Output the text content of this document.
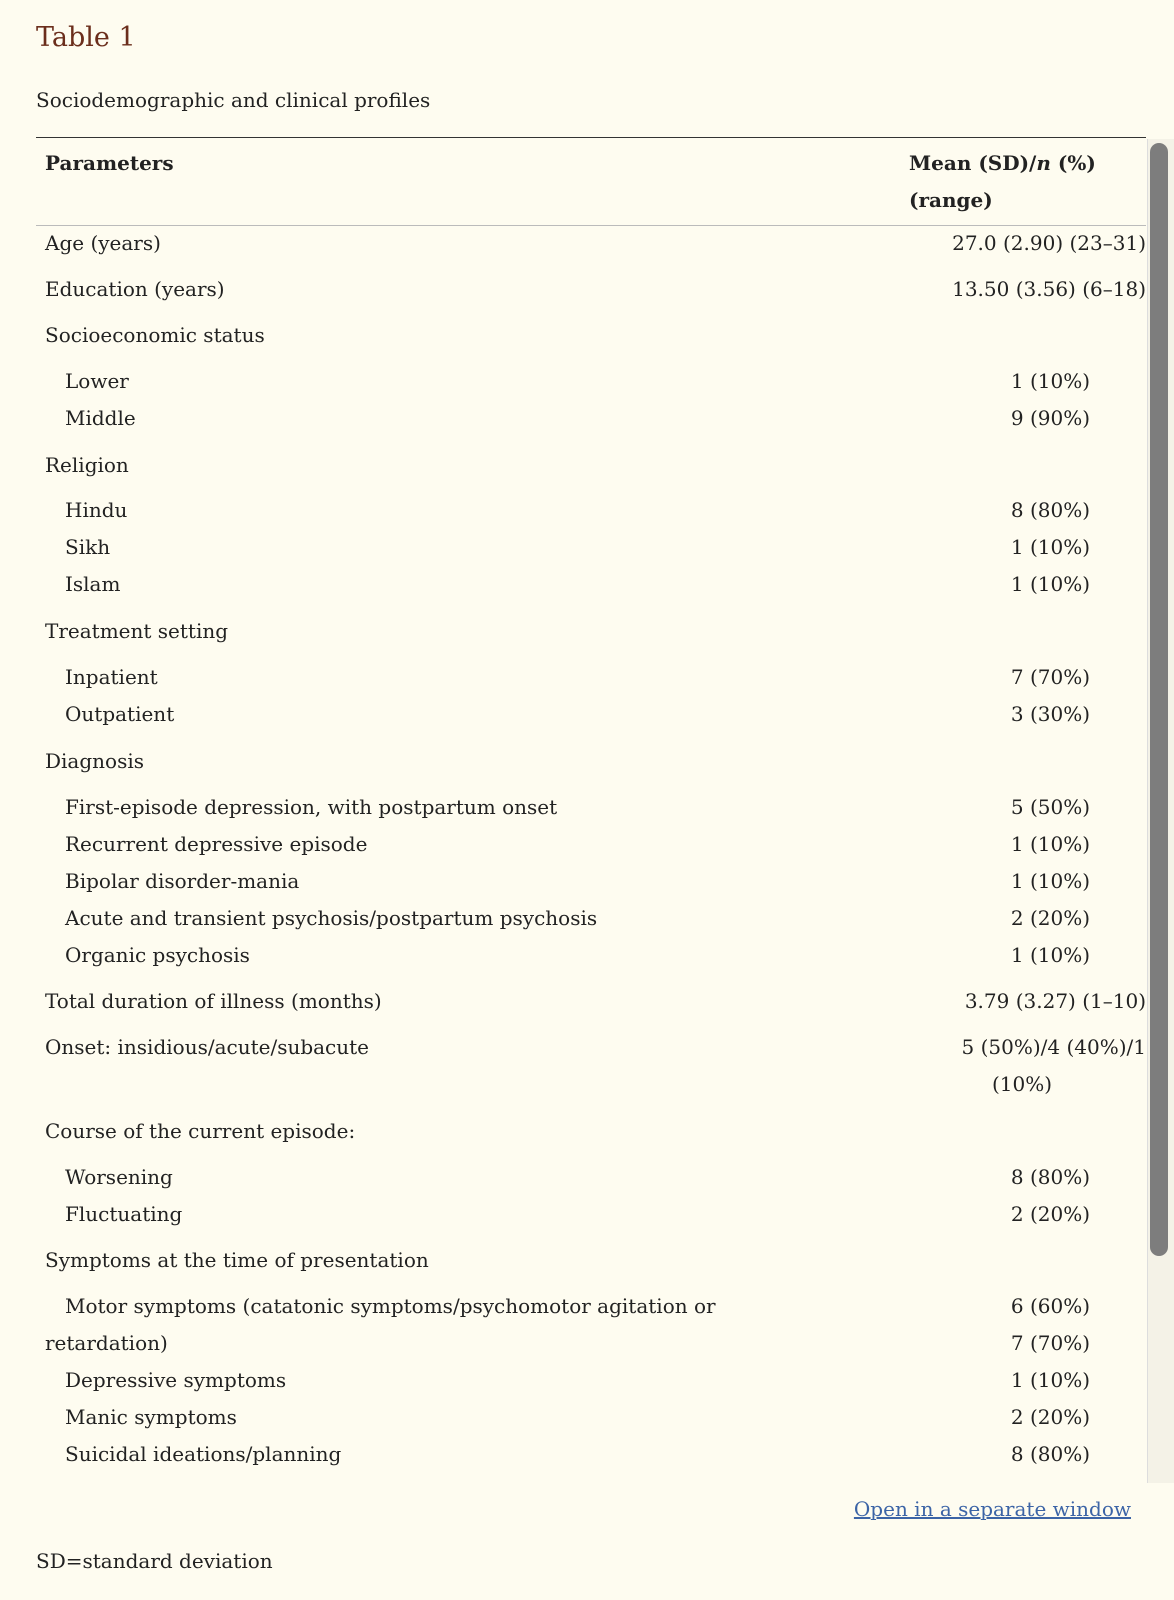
Table 1

Sociodemographic and clinical profiles

Parameters	Mean (SD)/n (%)
(range)
Age (years)	27.0 (2.90) (23–31)
Education (years)	13.50 (3.56) (6–18)
Socioeconomic status
Lower	1 (10%)
Middle	9 (90%)
Religion
Hindu	8 (80%)
Sikh	1 (10%)
Islam	1 (10%)
Treatment setting
Inpatient	7 (70%)
Outpatient	3 (30%)
Diagnosis
First-episode depression, with postpartum onset	5 (50%)
Recurrent depressive episode	1 (10%)
Bipolar disorder-mania	1 (10%)
Acute and transient psychosis/postpartum psychosis	2 (20%)
Organic psychosis	1 (10%)
Total duration of illness (months)	3.79 (3.27) (1–10)
Onset: insidious/acute/subacute	5 (50%)/4 (40%)/1
(10%)
Course of the current episode:
Worsening	8 (80%)
Fluctuating	2 (20%)
Symptoms at the time of presentation
Motor symptoms (catatonic symptoms/psychomotor agitation or	6 (60%)
retardation)	7 (70%)
Depressive symptoms	1 (10%)
Manic symptoms	2 (20%)
Suicidal ideations/planning	8 (80%)
Open in a separate window
SD=standard deviation
